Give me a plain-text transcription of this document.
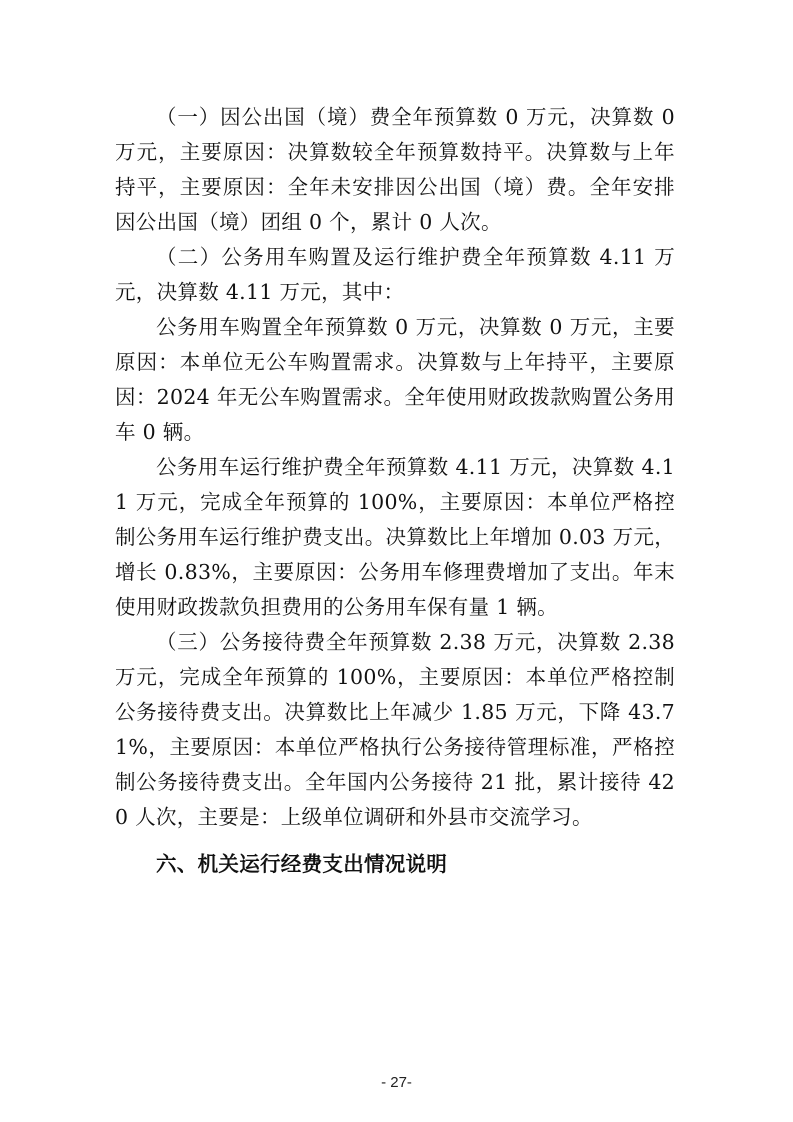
（一）因公出国（境）费全年预算数 0 万元，决算数 0 万元，主要原因：决算数较全年预算数持平。决算数与上年持平，主要原因：全年未安排因公出国（境）费。全年安排因公出国（境）团组 0 个，累计 0 人次。

（二）公务用车购置及运行维护费全年预算数 4.11 万元，决算数 4.11 万元，其中：

公务用车购置全年预算数 0 万元，决算数 0 万元，主要原因：本单位无公车购置需求。决算数与上年持平，主要原因：2024 年无公车购置需求。全年使用财政拨款购置公务用车 0 辆。

公务用车运行维护费全年预算数 4.11 万元，决算数 4.11 万元，完成全年预算的 100%，主要原因：本单位严格控制公务用车运行维护费支出。决算数比上年增加 0.03 万元，增长 0.83%，主要原因：公务用车修理费增加了支出。年末使用财政拨款负担费用的公务用车保有量 1 辆。

（三）公务接待费全年预算数 2.38 万元，决算数 2.38 万元，完成全年预算的 100%，主要原因：本单位严格控制公务接待费支出。决算数比上年减少 1.85 万元，下降 43.71%，主要原因：本单位严格执行公务接待管理标准，严格控制公务接待费支出。全年国内公务接待 21 批，累计接待 420 人次，主要是：上级单位调研和外县市交流学习。

六、机关运行经费支出情况说明

- 27-
